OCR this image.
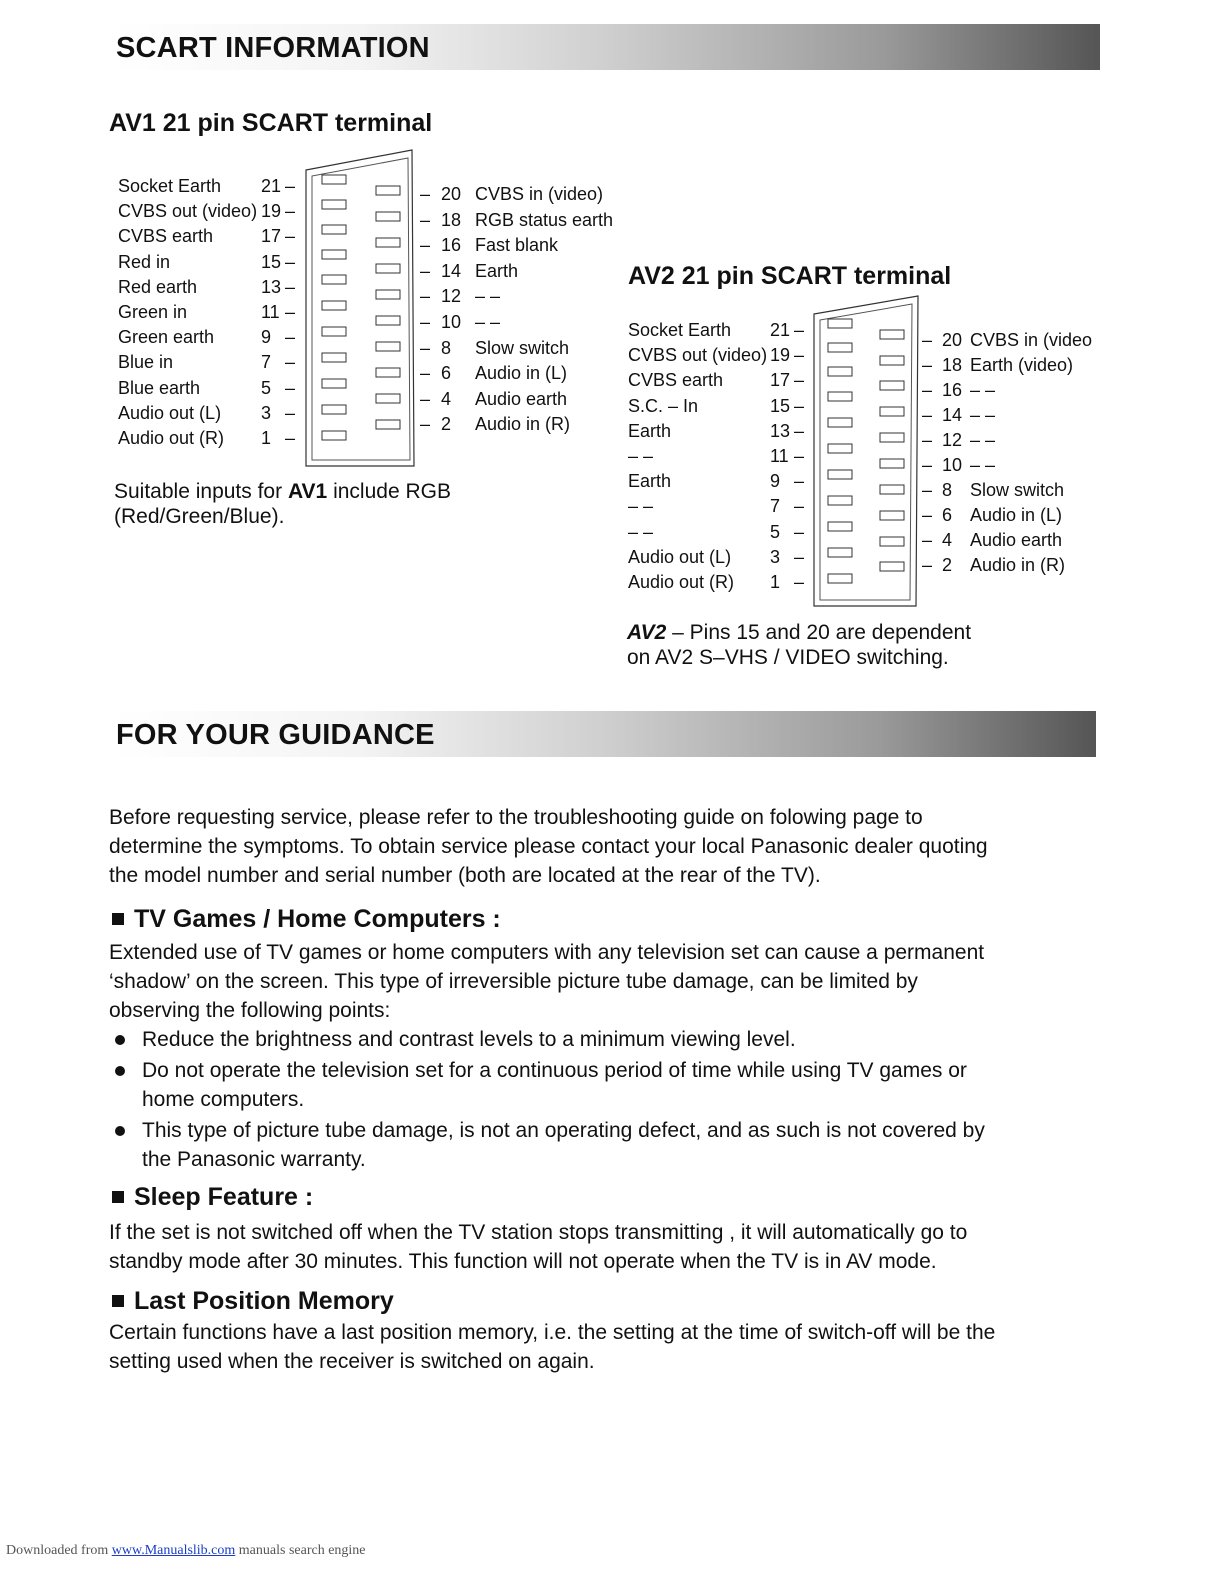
SCART INFORMATION
AV1 21 pin SCART terminal
Socket Earth 21 –
CVBS out (video) 19 –
CVBS earth	17 –
Red in	15 –
Red earth	13 –
Green in	11 –
Green earth	9 –
Blue in	7 –
Blue earth	5 –
Audio out (L) 3 –
Audio out (R) 1 –
– 20 CVBS in (video)
– 18 RGB status earth
– 16 Fast blank
– 14 Earth
– 12 – –
– 10 – –
– 8 Slow switch
– 6 Audio in (L)
– 4 Audio earth
– 2 Audio in (R)
Suitable inputs for AV1 include RGB
(Red/Green/Blue).
AV2 21 pin SCART terminal
Socket Earth 21 –
CVBS out (video) 19 –
CVBS earth	17 –
S.C. – In	15 –
Earth	13 –
– –	11 –
Earth	9 –
– –	7 –
– –	5 –
Audio out (L) 3 –
Audio out (R) 1 –
– 20 CVBS in (video
– 18 Earth (video)
– 16 – –
– 14 – –
– 12 – –
– 10 – –
– 8 Slow switch
– 6 Audio in (L)
– 4 Audio earth
– 2 Audio in (R)
AV2 – Pins 15 and 20 are dependent
on AV2 S–VHS / VIDEO switching.
FOR YOUR GUIDANCE

Before requesting service, please refer to the troubleshooting guide on folowing page to

determine the symptoms. To obtain service please contact your local Panasonic dealer quoting

the model number and serial number (both are located at the rear of the TV).

TV Games / Home Computers :

Extended use of TV games or home computers with any television set can cause a permanent

‘shadow’ on the screen. This type of irreversible picture tube damage, can be limited by

observing the following points:

Reduce the brightness and contrast levels to a minimum viewing level.
Do not operate the television set for a continuous period of time while using TV games or
home computers.
This type of picture tube damage, is not an operating defect, and as such is not covered by
the Panasonic warranty.
Sleep Feature :

If the set is not switched off when the TV station stops transmitting , it will automatically go to

standby mode after 30 minutes. This function will not operate when the TV is in AV mode.

Last Position Memory

Certain functions have a last position memory, i.e. the setting at the time of switch-off will be the

setting used when the receiver is switched on again.

Downloaded from www.Manualslib.com manuals search engine
